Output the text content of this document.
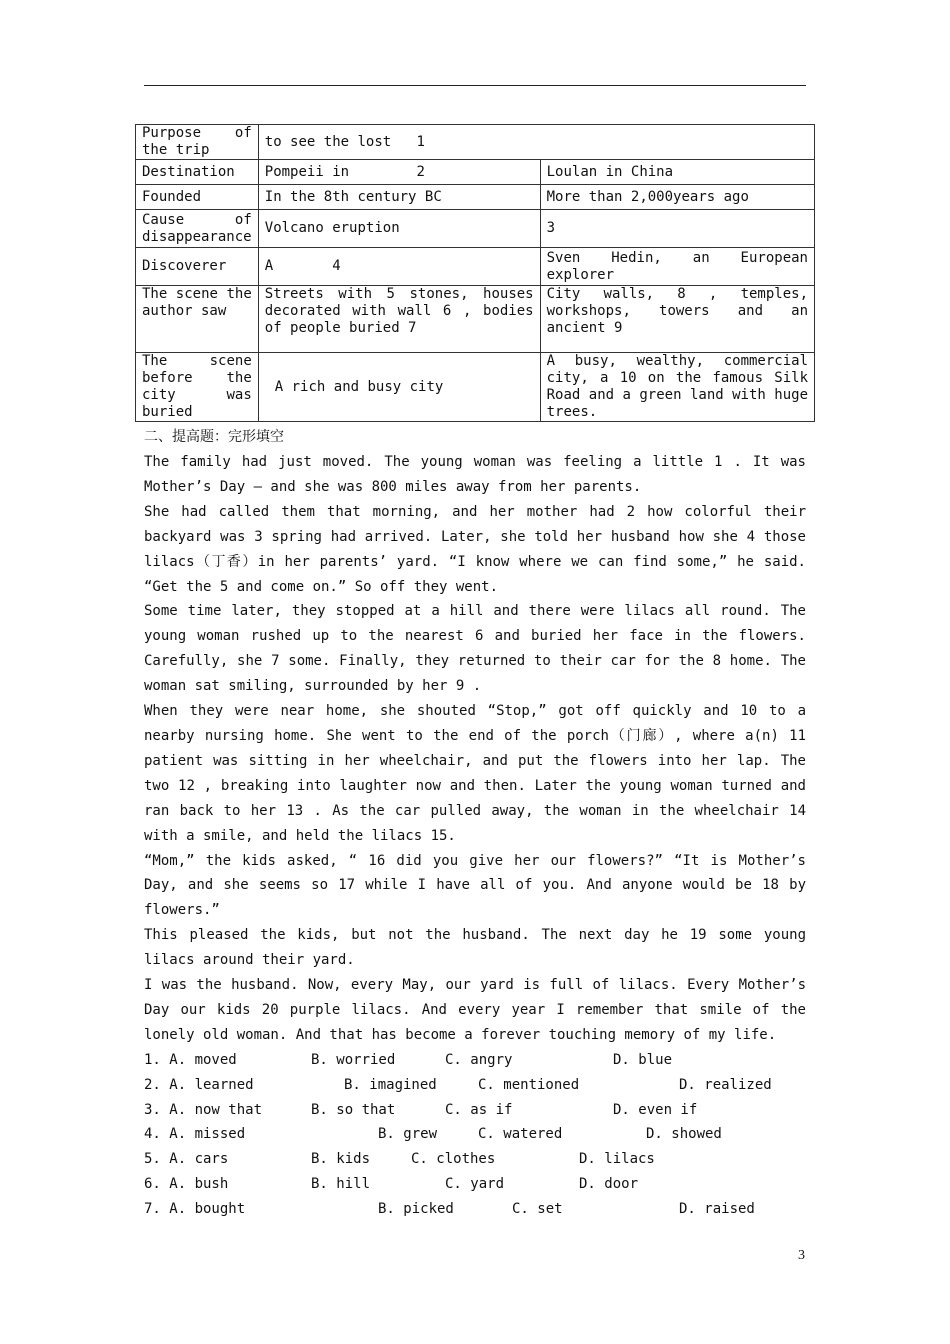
Purpose of the trip	to see the lost   1	
Destination	Pompeii in        2	Loulan in China
Founded	In the 8th century BC	More than 2,000years ago
Cause of disappearance	Volcano eruption	3
Discoverer	A       4	Sven Hedin, an European explorer
The scene the author saw	Streets with 5 stones, houses decorated with wall 6 , bodies of people buried 7	City walls, 8 , temples, workshops, towers and an ancient 9
The scene before the city was buried	A rich and busy city	A busy, wealthy, commercial city, a 10 on the famous Silk Road and a green land with huge trees.
二、提高题：完形填空

The family had just moved. The young woman was feeling a little 1 . It was Mother’s Day — and she was 800 miles away from her parents.

She had called them that morning, and her mother had 2 how colorful their backyard was 3 spring had arrived. Later, she told her husband how she 4 those lilacs（丁香）in her parents’ yard. “I know where we can find some,” he said. “Get the 5 and come on.” So off they went.

Some time later, they stopped at a hill and there were lilacs all round. The young woman rushed up to the nearest 6 and buried her face in the flowers. Carefully, she 7 some. Finally, they returned to their car for the 8 home. The woman sat smiling, surrounded by her 9 .

When they were near home, she shouted “Stop,” got off quickly and 10 to a nearby nursing home. She went to the end of the porch（门廊）, where a(n) 11 patient was sitting in her wheelchair, and put the flowers into her lap. The two 12 , breaking into laughter now and then. Later the young woman turned and ran back to her 13 . As the car pulled away, the woman in the wheelchair 14 with a smile, and held the lilacs 15.

“Mom,” the kids asked, “ 16 did you give her our flowers?” “It is Mother’s Day, and she seems so 17 while I have all of you. And anyone would be 18 by flowers.”

This pleased the kids, but not the husband. The next day he 19 some young lilacs around their yard.

I was the husband. Now, every May, our yard is full of lilacs. Every Mother’s Day our kids 20 purple lilacs. And every year I remember that smile of the lonely old woman. And that has become a forever touching memory of my life.

1. A. moved	B. worried	C. angry	D. blue
2. A. learned	B. imagined	C. mentioned	D. realized
3. A. now that	B. so that	C. as if	D. even if
4. A. missed	B. grew	C. watered	D. showed
5. A. cars	B. kids	C. clothes	D. lilacs
6. A. bush	B. hill	C. yard	D. door
7. A. bought	B. picked	C. set	D. raised
3
